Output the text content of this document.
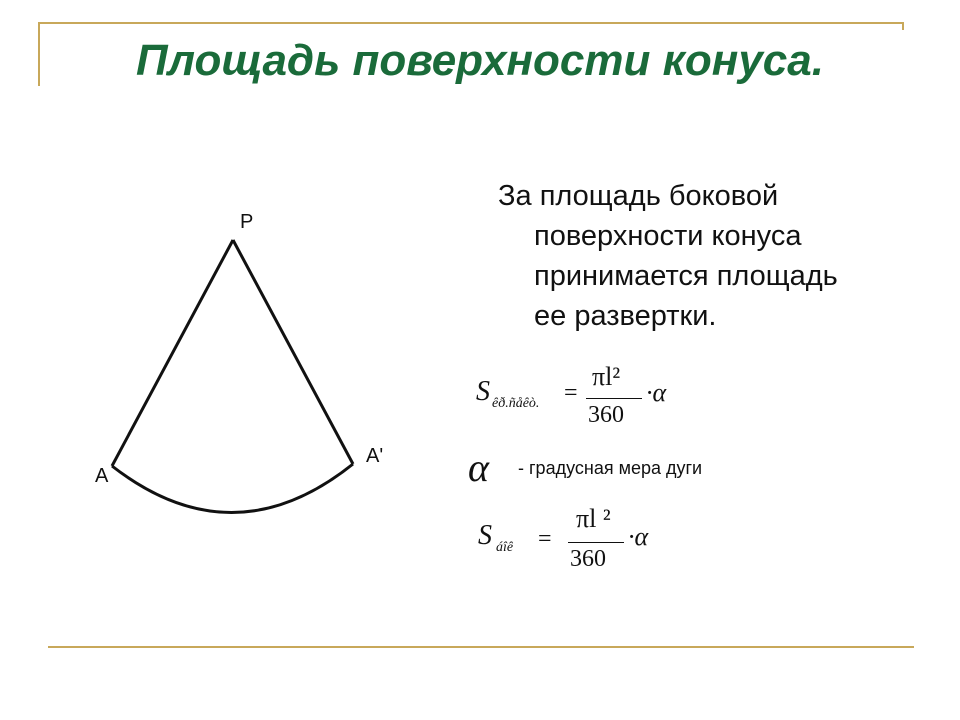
Площадь поверхности конуса.
P
A
A'
За площадь боковой
поверхности конуса
принимается площадь
ее развертки.
S êð.ñåêò. =
πl²
360
·α
α - градусная мера дуги
S áîê =
πl ²
360
·α
